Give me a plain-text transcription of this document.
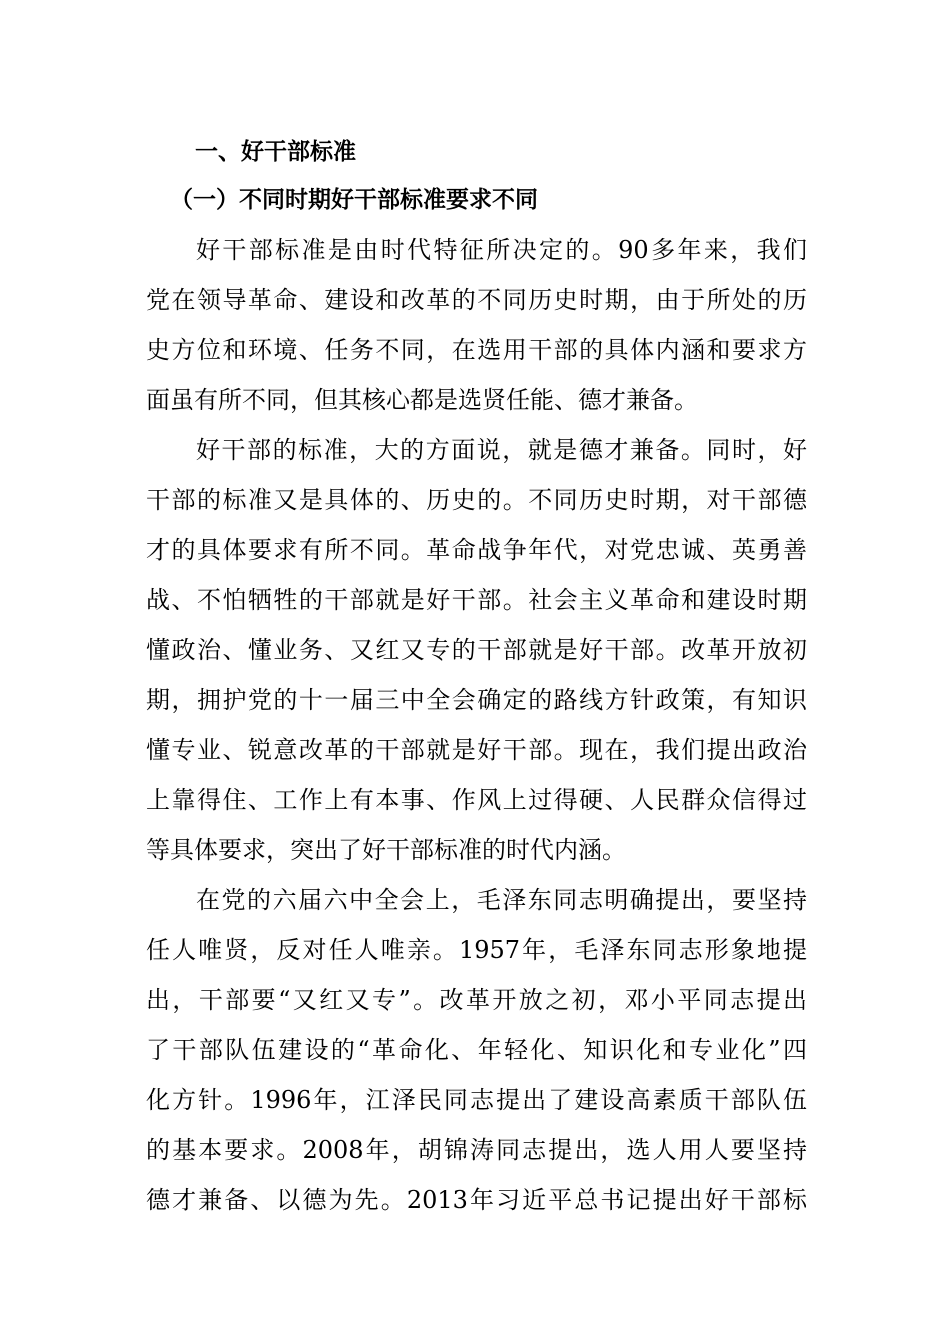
一、好干部标准
（一）不同时期好干部标准要求不同
好干部标准是由时代特征所决定的。90多年来，我们
党在领导革命、建设和改革的不同历史时期，由于所处的历
史方位和环境、任务不同，在选用干部的具体内涵和要求方
面虽有所不同，但其核心都是选贤任能、德才兼备。
好干部的标准，大的方面说，就是德才兼备。同时，好
干部的标准又是具体的、历史的。不同历史时期，对干部德
才的具体要求有所不同。革命战争年代，对党忠诚、英勇善
战、不怕牺牲的干部就是好干部。社会主义革命和建设时期
懂政治、懂业务、又红又专的干部就是好干部。改革开放初
期，拥护党的十一届三中全会确定的路线方针政策，有知识
懂专业、锐意改革的干部就是好干部。现在，我们提出政治
上靠得住、工作上有本事、作风上过得硬、人民群众信得过
等具体要求，突出了好干部标准的时代内涵。
在党的六届六中全会上，毛泽东同志明确提出，要坚持
任人唯贤，反对任人唯亲。1957年，毛泽东同志形象地提
出，干部要“又红又专”。改革开放之初，邓小平同志提出
了干部队伍建设的“革命化、年轻化、知识化和专业化”四
化方针。1996年，江泽民同志提出了建设高素质干部队伍
的基本要求。2008年，胡锦涛同志提出，选人用人要坚持
德才兼备、以德为先。2013年习近平总书记提出好干部标
